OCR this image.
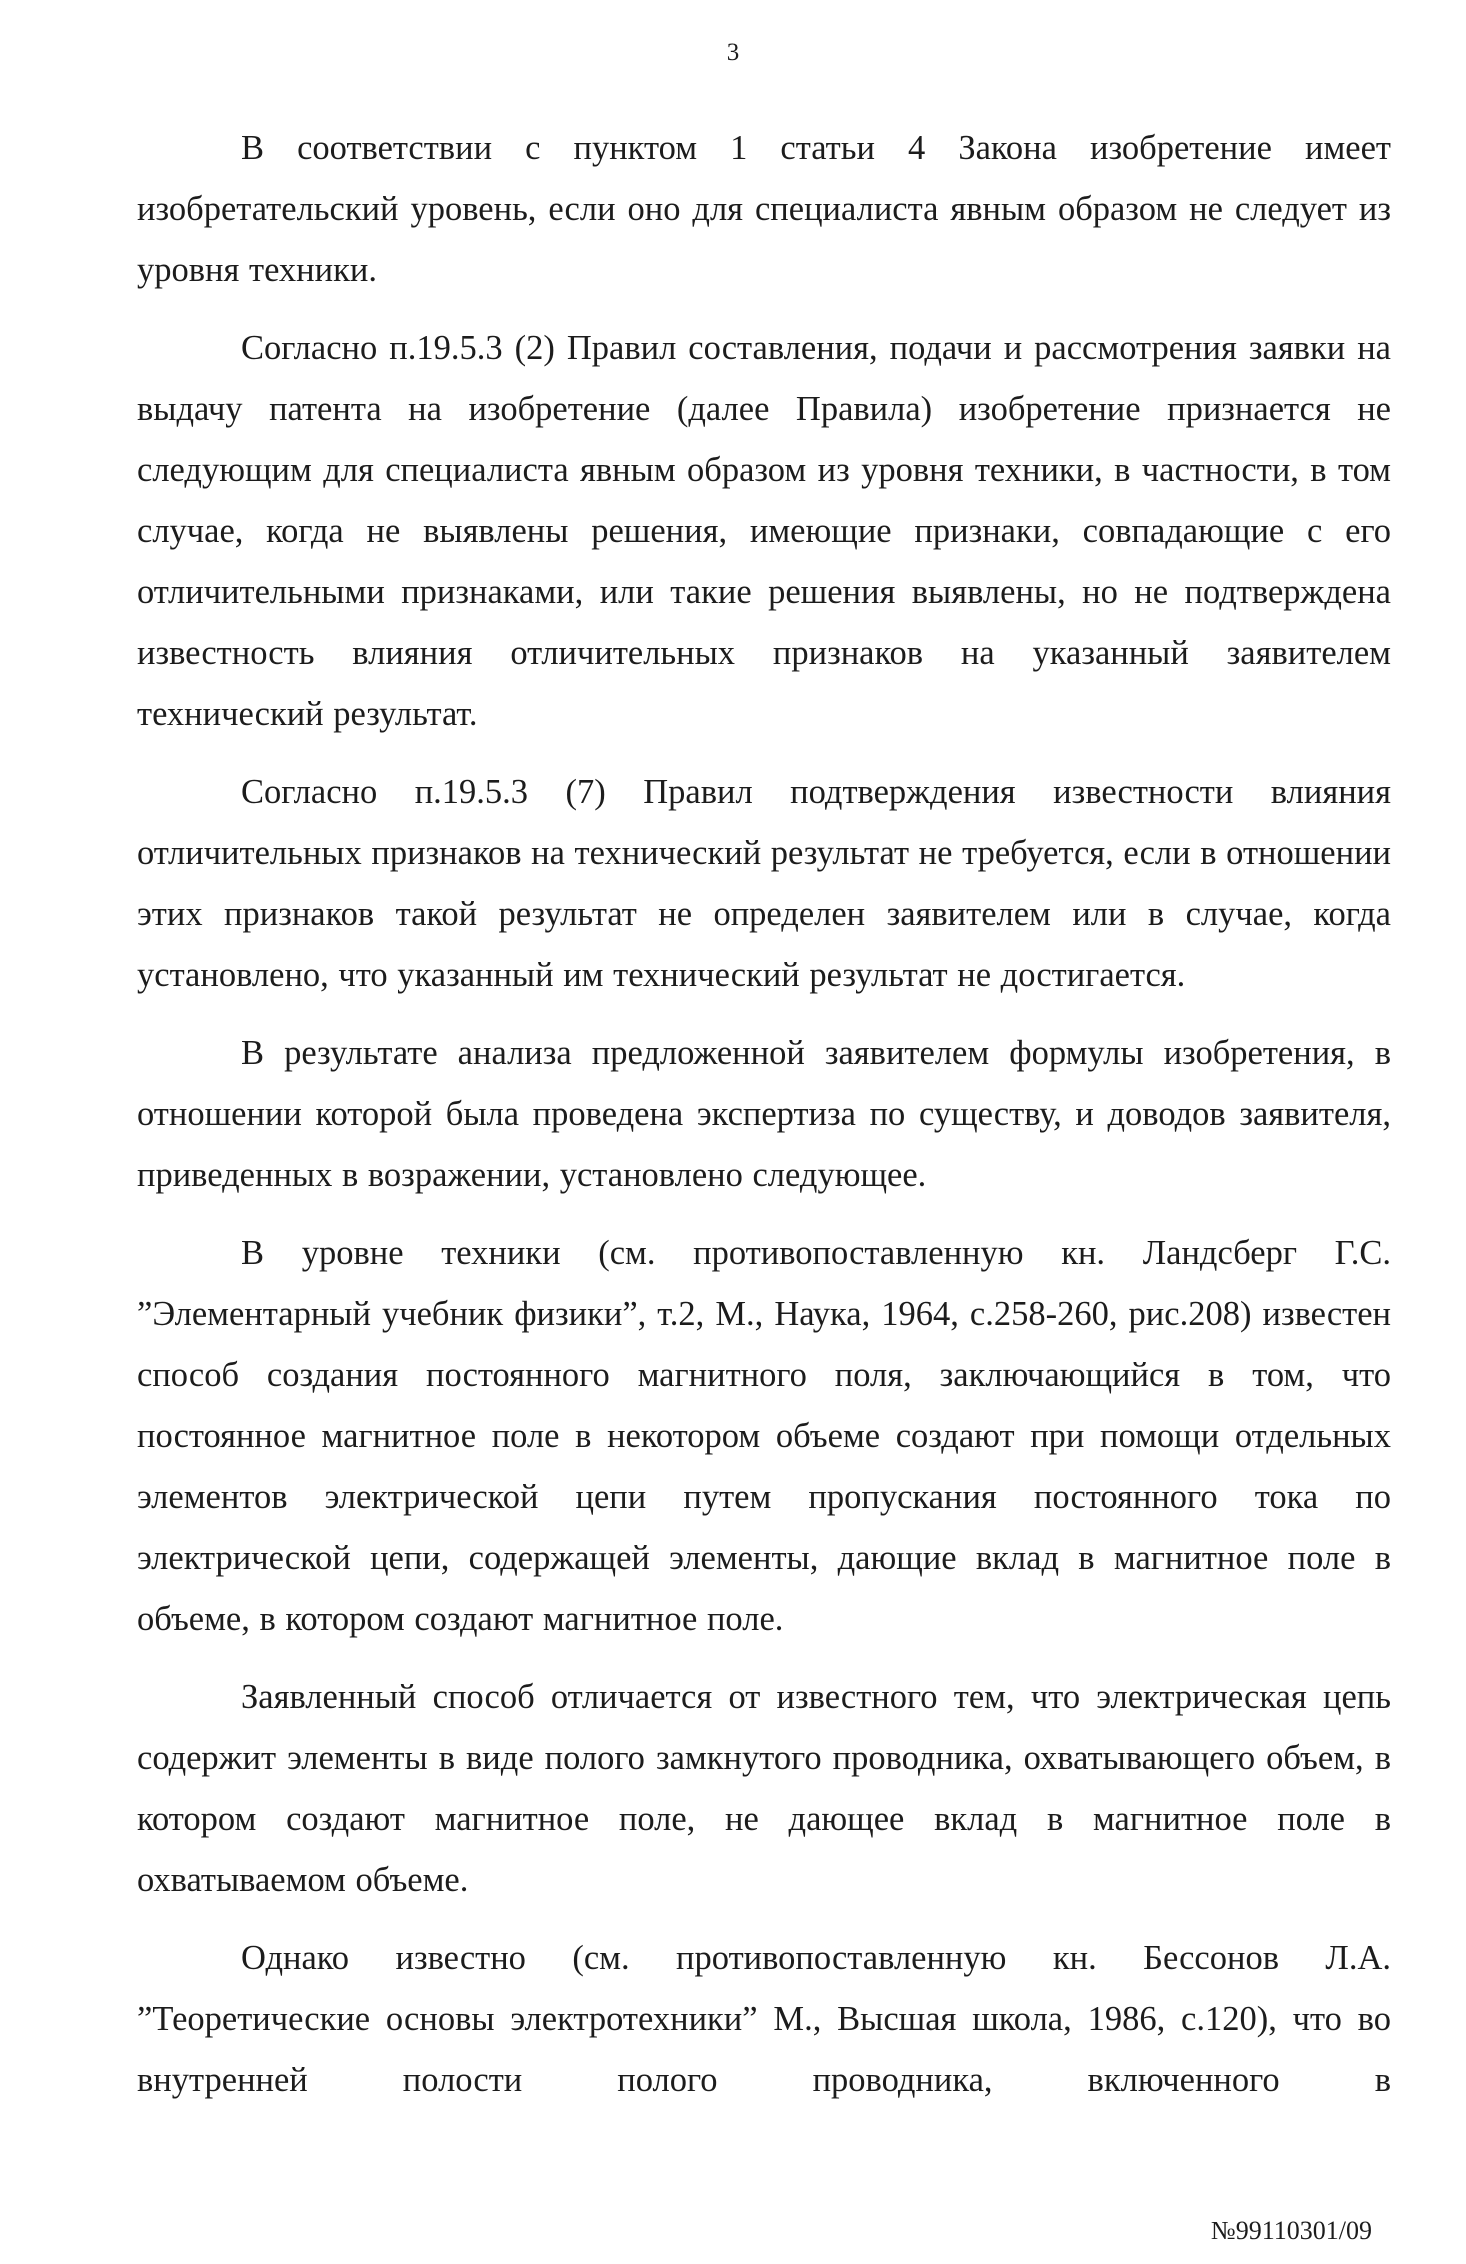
3

В соответствии с пунктом 1 статьи 4 Закона изобретение имеет изобретательский уровень, если оно для специалиста явным образом не следует из уровня техники.

Согласно п.19.5.3 (2) Правил составления, подачи и рассмотрения заявки на выдачу патента на изобретение (далее Правила) изобретение признается не следующим для специалиста явным образом из уровня техники, в частности, в том случае, когда не выявлены решения, имеющие признаки, совпадающие с его отличительными признаками, или такие решения выявлены, но не подтверждена известность влияния отличительных признаков на указанный заявителем технический результат.

Согласно п.19.5.3 (7) Правил подтверждения известности влияния отличительных признаков на технический результат не требуется, если в отношении этих признаков такой результат не определен заявителем или в случае, когда установлено, что указанный им технический результат не достигается.

В результате анализа предложенной заявителем формулы изобретения, в отношении которой была проведена экспертиза по существу, и доводов заявителя, приведенных в возражении, установлено следующее.

В уровне техники (см. противопоставленную кн. Ландсберг Г.С. ”Элементарный учебник физики”, т.2, М., Наука, 1964, с.258-260, рис.208) известен способ создания постоянного магнитного поля, заключающийся в том, что постоянное магнитное поле в некотором объеме создают при помощи отдельных элементов электрической цепи путем пропускания постоянного тока по электрической цепи, содержащей элементы, дающие вклад в магнитное поле в объеме, в котором создают магнитное поле.

Заявленный способ отличается от известного тем, что электрическая цепь содержит элементы в виде полого замкнутого проводника, охватывающего объем, в котором создают магнитное поле, не дающее вклад в магнитное поле в охватываемом объеме.

Однако известно (см. противопоставленную кн. Бессонов Л.А. ”Теоретические основы электротехники” М., Высшая школа, 1986, с.120), что во внутренней полости полого проводника, включенного в

№99110301/09
